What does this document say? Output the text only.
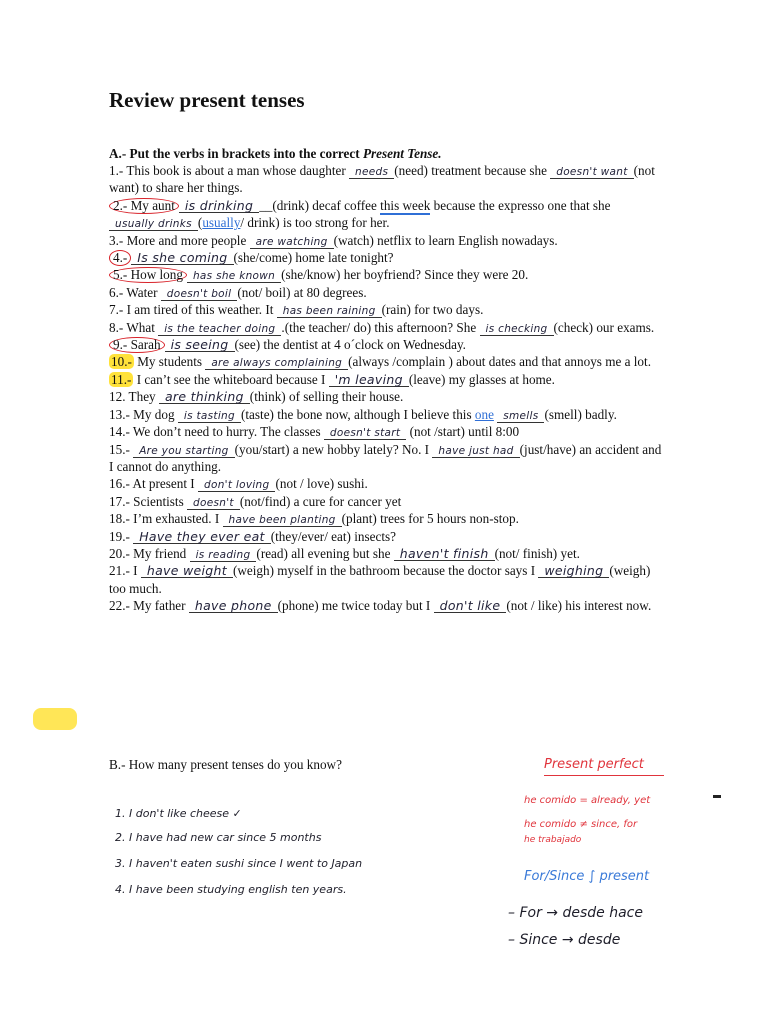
Review present tenses
A.- Put the verbs in brackets into the correct Present Tense.

1.- This book is about a man whose daughter needs (need) treatment because she doesn't want (not want) to share her things.

2.- My auntis drinking __(drink) decaf coffee this week because the expresso one that she usually drinks (usually/ drink) is too strong for her.

3.- More and more people are watching (watch) netflix to learn English nowadays.

4.-Is she coming (she/come) home late tonight?

5.- How longhas she known (she/know) her boyfriend? Since they were 20.

6.- Water doesn't boil (not/ boil) at 80 degrees.

7.- I am tired of this weather. It has been raining (rain) for two days.

8.- What is the teacher doing .(the teacher/ do) this afternoon? She is checking (check) our exams.

9.- Sarahis seeing (see) the dentist at 4 o´clock on Wednesday.

10.- My students are always complaining (always /complain ) about dates and that annoys me a lot.

11.- I can’t see the whiteboard because I 'm leaving (leave) my glasses at home.

12. They are thinking (think) of selling their house.

13.- My dog is tasting (taste) the bone now, although I believe this one smells (smell) badly.

14.- We don’t need to hurry. The classes doesn't start (not /start) until 8:00

15.- Are you starting (you/start) a new hobby lately? No. I have just had (just/have) an accident and I cannot do anything.

16.- At present I don't loving (not / love) sushi.

17.- Scientists doesn't (not/find) a cure for cancer yet

18.- I’m exhausted. I have been planting (plant) trees for 5 hours non-stop.

19.- Have they ever eat (they/ever/ eat) insects?

20.- My friend is reading (read) all evening but she haven't finish (not/ finish) yet.

21.- I have weight (weigh) myself in the bathroom because the doctor says I weighing (weigh) too much.

22.- My father have phone (phone) me twice today but I don't like (not / like) his interest now.

B.- How many present tenses do you know?
1. I don't like cheese ✓
2. I have had new car since 5 months
3. I haven't eaten sushi since I went to Japan
4. I have been studying english ten years.
Present perfect
he comido = already, yet
he comido ≠ since, for
he trabajado
For/Since ∫ present
– For → desde hace
– Since → desde
